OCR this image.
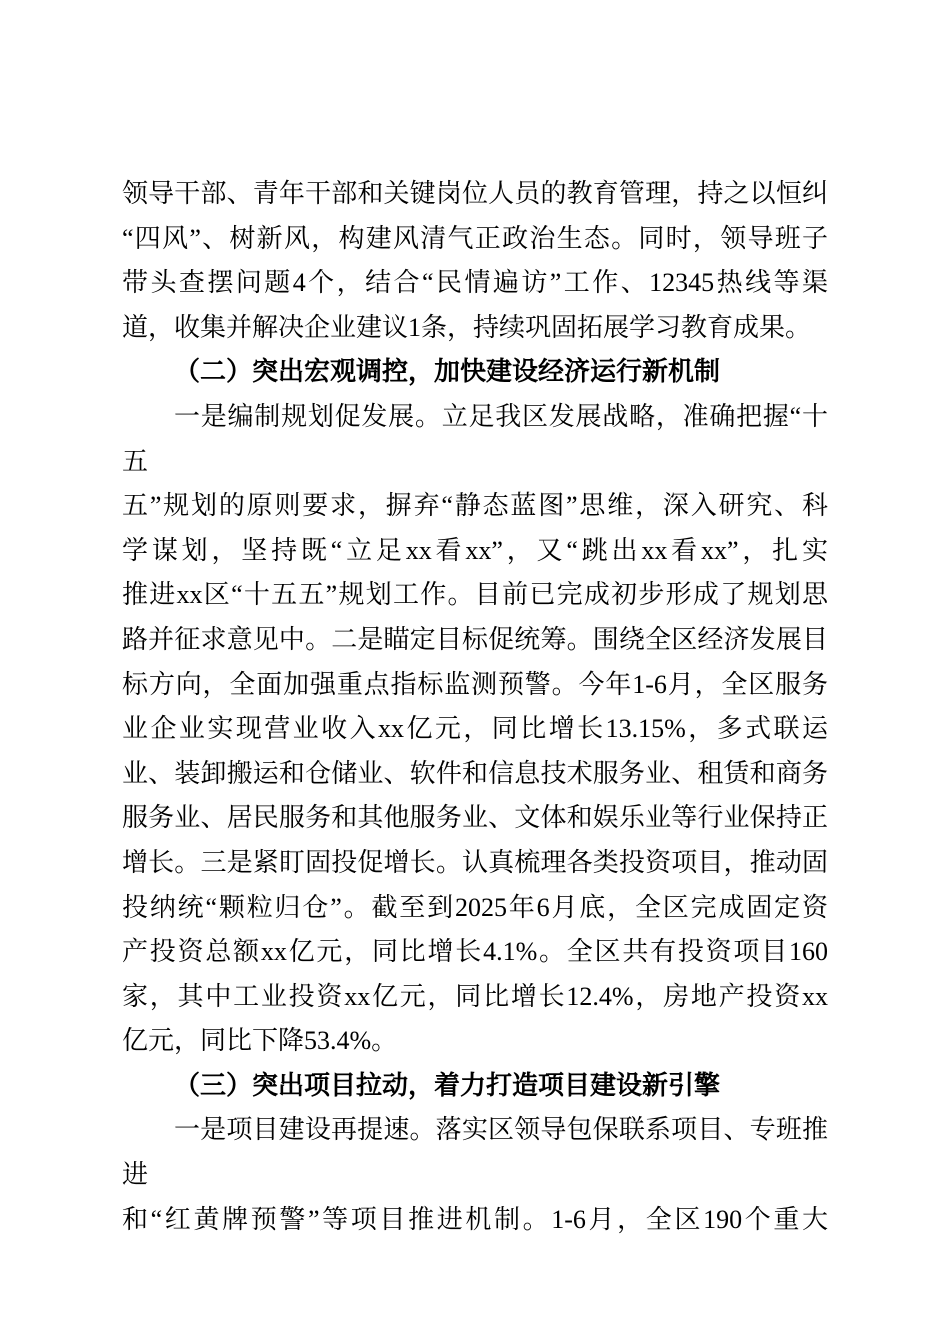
领导干部、青年干部和关键岗位人员的教育管理，持之以恒纠
“四风”、树新风，构建风清气正政治生态。同时，领导班子
带头查摆问题4个，结合“民情遍访”工作、12345热线等渠
道，收集并解决企业建议1条，持续巩固拓展学习教育成果。

（二）突出宏观调控，加快建设经济运行新机制

一是编制规划促发展。立足我区发展战略，准确把握“十五
五”规划的原则要求，摒弃“静态蓝图”思维，深入研究、科
学谋划，坚持既“立足xx看xx”，又“跳出xx看xx”，扎实
推进xx区“十五五”规划工作。目前已完成初步形成了规划思
路并征求意见中。二是瞄定目标促统筹。围绕全区经济发展目
标方向，全面加强重点指标监测预警。今年1-6月，全区服务
业企业实现营业收入xx亿元，同比增长13.15%，多式联运
业、装卸搬运和仓储业、软件和信息技术服务业、租赁和商务
服务业、居民服务和其他服务业、文体和娱乐业等行业保持正
增长。三是紧盯固投促增长。认真梳理各类投资项目，推动固
投纳统“颗粒归仓”。截至到2025年6月底，全区完成固定资
产投资总额xx亿元，同比增长4.1%。全区共有投资项目160
家，其中工业投资xx亿元，同比增长12.4%，房地产投资xx
亿元，同比下降53.4%。

（三）突出项目拉动，着力打造项目建设新引擎

一是项目建设再提速。落实区领导包保联系项目、专班推进
和“红黄牌预警”等项目推进机制。1-6月，全区190个重大
